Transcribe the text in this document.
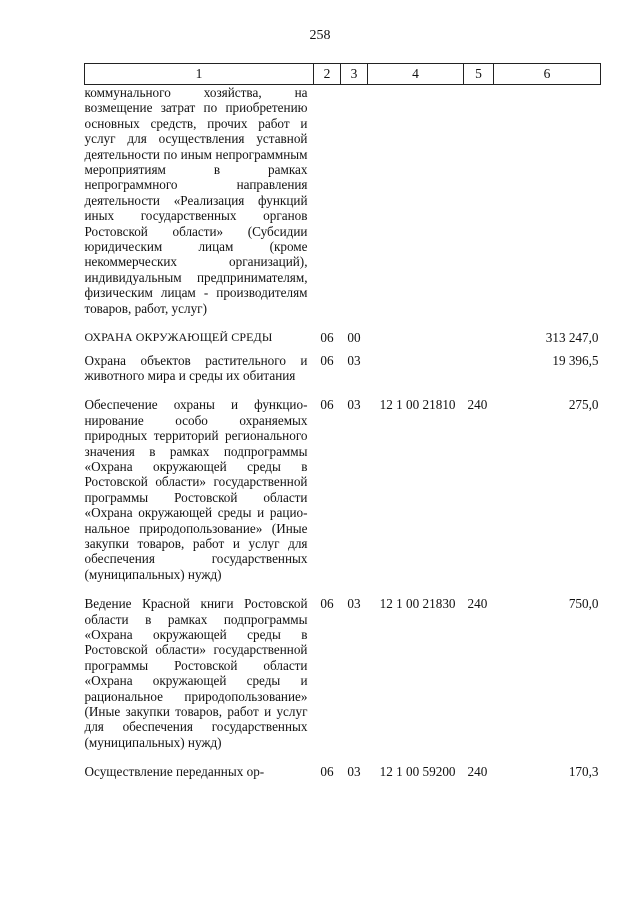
258
1	2	3	4	5	6
коммунального хозяйства, на возмещение затрат по приобретению основных средств, прочих работ и услуг для осуществления уставной деятельности по иным непрограммным мероприятиям в рамках непрограммного направления деятельности «Реализация функций иных государственных органов Ростовской области» (Субсидии юридическим лицам (кроме некоммерческих организаций), индивидуальным предпринимателям, физическим лицам - производителям товаров, работ, услуг)					
ОХРАНА ОКРУЖАЮЩЕЙ СРЕДЫ	06	00			313 247,0
Охрана объектов растительного и животного мира и среды их обитания	06	03			19 396,5
Обеспечение охраны и функционирование особо охраняемых природных территорий регионального значения в рамках подпрограммы «Охрана окружающей среды в Ростовской области» государственной программы Ростовской области «Охрана окружающей среды и рациональное природопользование» (Иные закупки товаров, работ и услуг для обеспечения государственных (муниципальных) нужд)	06	03	12 1 00 21810	240	275,0
Ведение Красной книги Ростовской области в рамках подпрограммы «Охрана окружающей среды в Ростовской области» государственной программы Ростовской области «Охрана окружающей среды и рациональное природопользование» (Иные закупки товаров, работ и услуг для обеспечения государственных (муниципальных) нужд)	06	03	12 1 00 21830	240	750,0
Осуществление переданных ор-	06	03	12 1 00 59200	240	170,3
